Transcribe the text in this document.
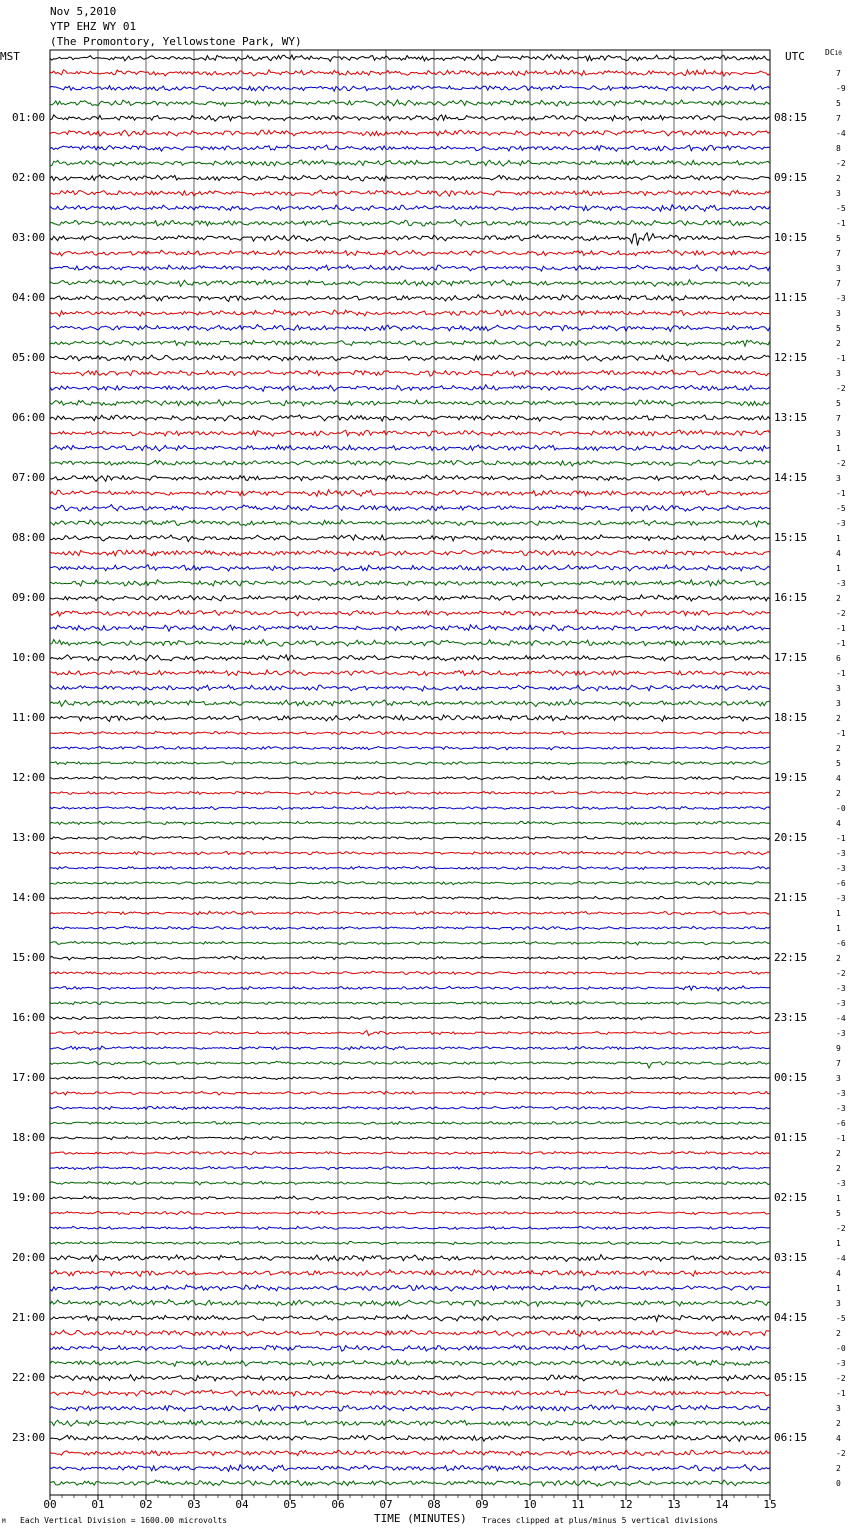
Nov 5,2010
YTP EHZ WY 01
(The Promontory, Yellowstone Park, WY)
MST	UTC	DC10
01:00
02:00
03:00
04:00
05:00
06:00
07:00
08:00
09:00
10:00
11:00
12:00
13:00
14:00
15:00
16:00
17:00
18:00
19:00
20:00
21:00
22:00
23:00
08:15
09:15
10:15
11:15
12:15
13:15
14:15
15:15
16:15
17:15
18:15
19:15
20:15
21:15
22:15
23:15
00:15
01:15
02:15
03:15
04:15
05:15
06:15
7
-9
5
7
-4
8
-2
2
3
-5
-1
5
7
3
7
-3
3
5
2
-1
3
-2
5
7
3
1
-2
3
-1
-5
-3
1
4
1
-3
2
-2
-1
-1
6
-1
3
3
2
-1
2
5
4
2
-0
4
-1
-3
-3
-6
-3
1
1
-6
2
-2
-3
-3
-4
-3
9
7
3
-3
-3
-6
-1
2
2
-3
1
5
-2
1
-4
4
1
3
-5
2
-0
-3
-2
-1
3
2
4
-2
2
0
00	01	02	03	04	05	06	07	08	09	10	11	12	13	14	15
M Each Vertical Division = 1600.00 microvolts	TIME (MINUTES) Traces clipped at plus/minus 5 vertical divisions
